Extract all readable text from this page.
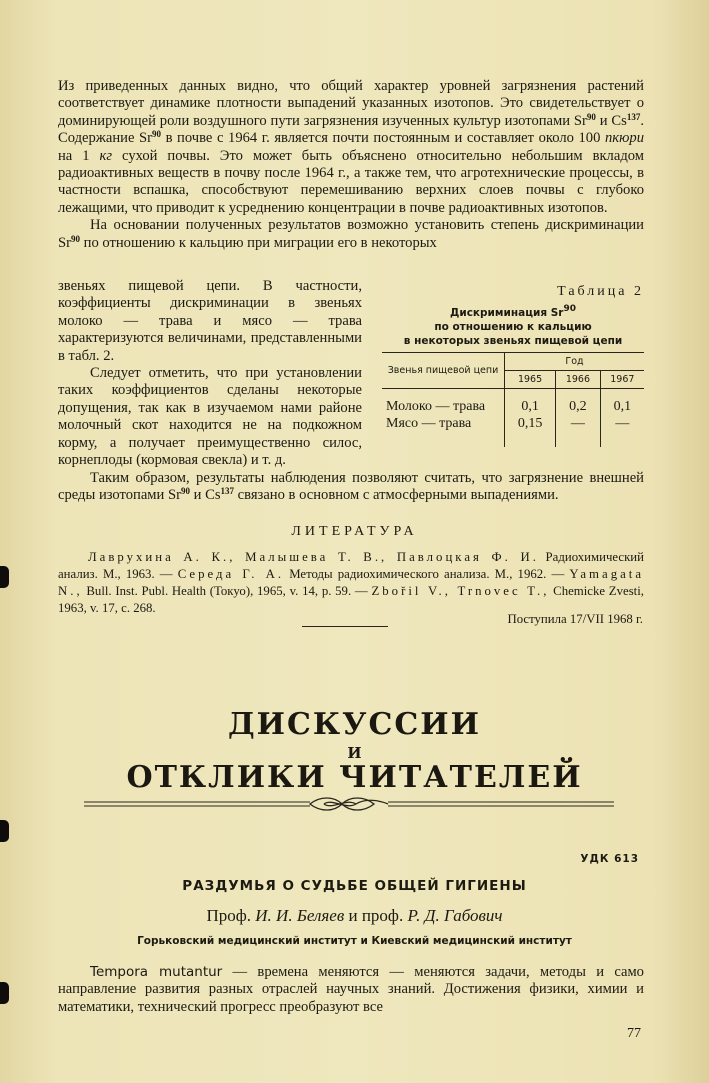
Из приведенных данных видно, что общий характер уровней загрязнения растений соответствует динамике плотности выпадений указанных изотопов. Это свидетельствует о доминирующей роли воздушного пути загрязнения изученных культур изотопами Sr$^{90}$ и Cs$^{137}$. Содержание Sr$^{90}$ в почве с 1964 г. является почти постоянным и составляет около 100 пкюри на 1 кг сухой почвы. Это может быть объяснено относительно небольшим вкладом радиоактивных веществ в почву после 1964 г., а также тем, что агротехнические процессы, в частности вспашка, способствуют перемешиванию верхних слоев почвы с глубоко лежащими, что приводит к усреднению концентрации в почве радиоактивных изотопов.

На основании полученных результатов возможно установить степень дискриминации Sr$^{90}$ по отношению к кальцию при миграции его в некоторых

звеньях пищевой цепи. В частности, коэффициенты дискриминации в звеньях молоко — трава и мясо — трава характеризуются величинами, представленными в табл. 2.

Следует отметить, что при установлении таких коэффициентов сделаны некоторые допущения, так как в изучаемом нами районе молочный скот находится не на подкожном корму, а получает преимущественно силос, корнеплоды (кормовая свекла) и т. д.

Таблица 2
Дискриминация Sr$^{90}$
по отношению к кальцию
в некоторых звеньях пищевой цепи
Звенья пищевой цепи	Год		
	1965	1966	1967
Молоко — трава	0,1	0,2	0,1
Мясо — трава	0,15	—	—

Таким образом, результаты наблюдения позволяют считать, что загрязнение внешней среды изотопами Sr$^{90}$ и Cs$^{137}$ связано в основном с атмосферными выпадениями.

ЛИТЕРАТУРА
Лаврухина А. К., Малышева Т. В., Павлоцкая Ф. И. Радиохимический анализ. М., 1963. — Середа Г. А. Методы радиохимического анализа. М., 1962. — Yamagata N., Bull. Inst. Publ. Health (Токуо), 1965, v. 14, p. 59. — Zbořil V., Trnovec T., Chemicke Zvesti, 1963, v. 17, c. 268.
Поступила 17/VII 1968 г.
ДИСКУССИИ
И
ОТКЛИКИ ЧИТАТЕЛЕЙ
УДК 613
РАЗДУМЬЯ О СУДЬБЕ ОБЩЕЙ ГИГИЕНЫ
Проф. И. И. Беляев и проф. Р. Д. Габович
Горьковский медицинский институт и Киевский медицинский институт

Tempora mutantur — времена меняются — меняются задачи, методы и само направление развития разных отраслей научных знаний. Достижения физики, химии и математики, технический прогресс преобразуют все

77
